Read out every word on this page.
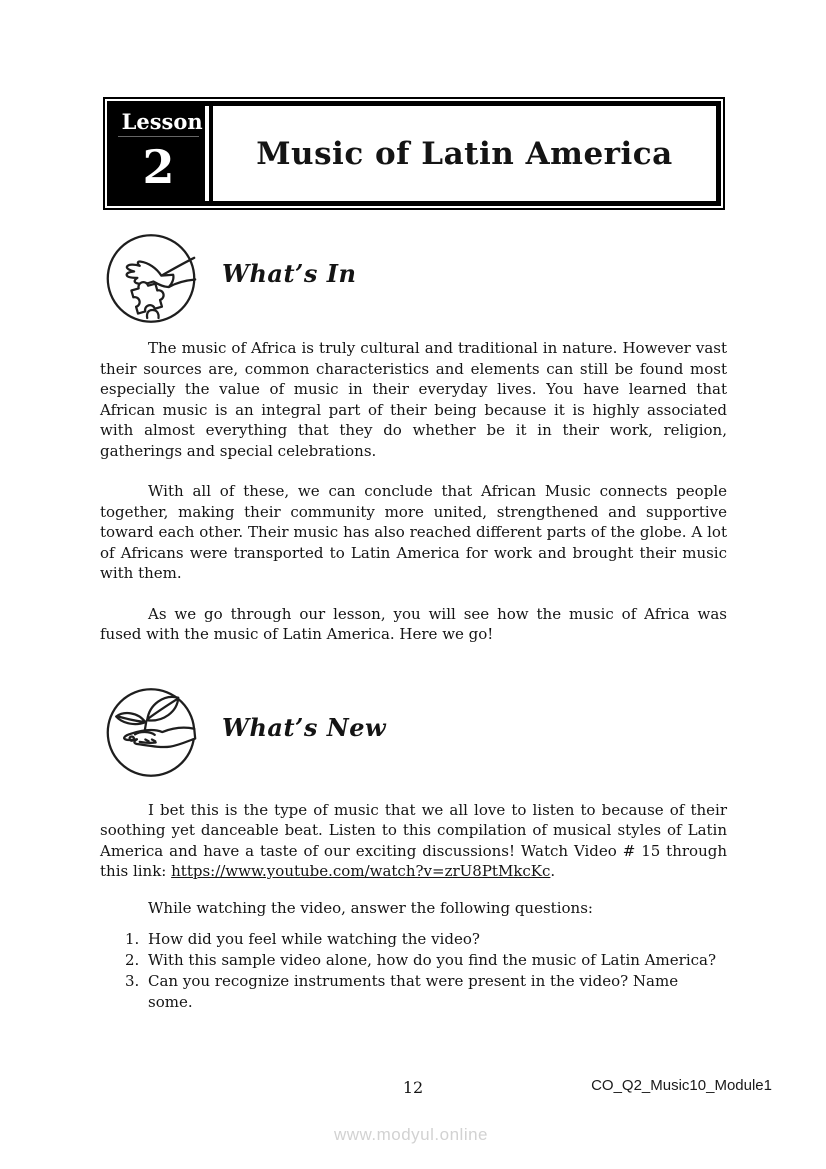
Lesson
2	Music of Latin America
What’s In

The music of Africa is truly cultural and traditional in nature. However vast their sources are, common characteristics and elements can still be found most especially the value of music in their everyday lives. You have learned that African music is an integral part of their being because it is highly associated with almost everything that they do whether be it in their work, religion, gatherings and special celebrations.

With all of these, we can conclude that African Music connects people together, making their community more united, strengthened and supportive toward each other. Their music has also reached different parts of the globe. A lot of Africans were transported to Latin America for work and brought their music with them.

As we go through our lesson, you will see how the music of Africa was fused with the music of Latin America. Here we go!

What’s New

I bet this is the type of music that we all love to listen to because of their soothing yet danceable beat. Listen to this compilation of musical styles of Latin America and have a taste of our exciting discussions! Watch Video # 15 through this link: https://www.youtube.com/watch?v=zrU8PtMkcKc.

While watching the video, answer the following questions:

1. How did you feel while watching the video?
2. With this sample video alone, how do you find the music of Latin America?
3. Can you recognize instruments that were present in the video? Name some.
12	CO_Q2_Music10_Module1
www.modyul.online
